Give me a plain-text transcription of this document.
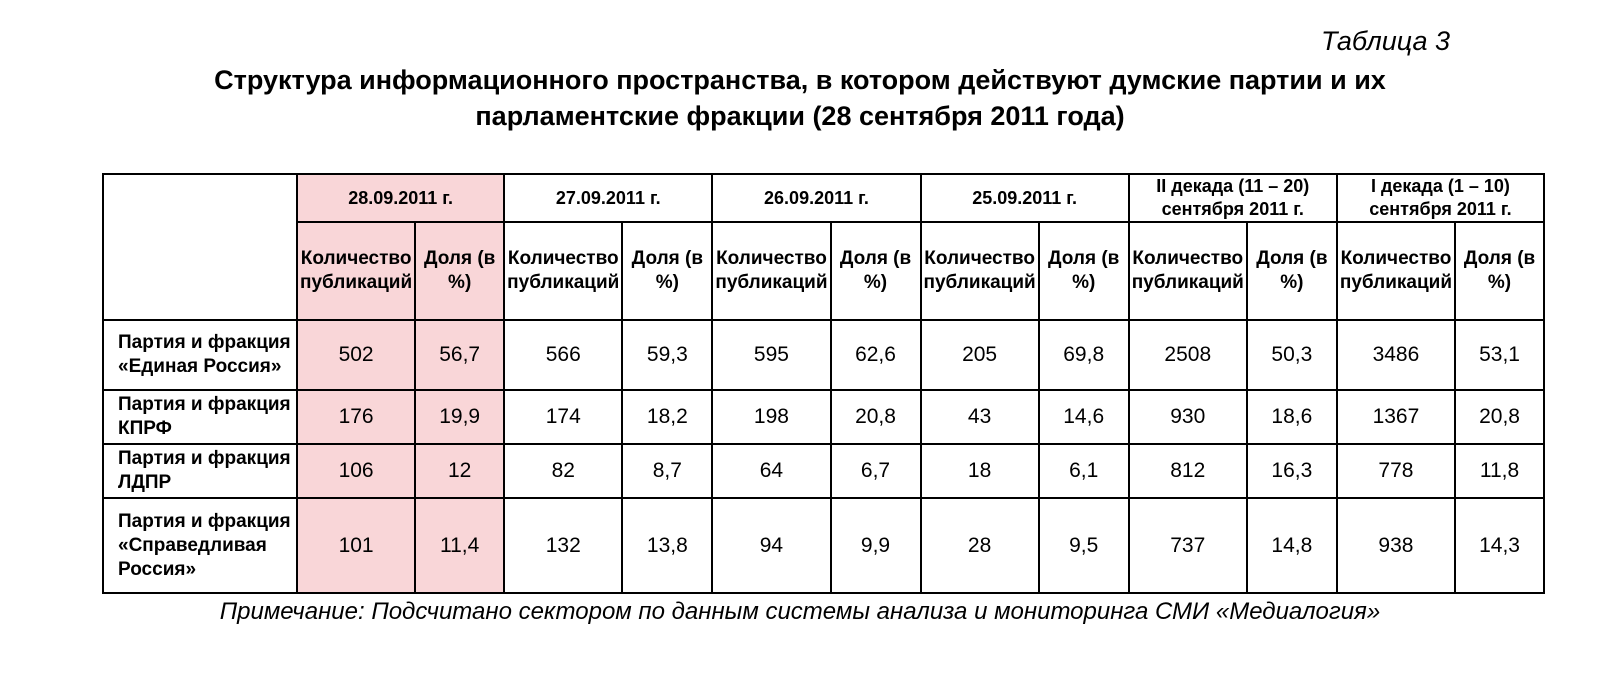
Таблица 3
Структура информационного пространства, в котором действуют думские партии и их
парламентские фракции (28 сентября 2011 года)
	28.09.2011 г.		27.09.2011 г.		26.09.2011 г.		25.09.2011 г.		II декада (11 – 20) сентября 2011 г.		I декада (1 – 10) сентября 2011 г.	
	Количество публикаций	Доля (в %)	Количество публикаций	Доля (в %)	Количество публикаций	Доля (в %)	Количество публикаций	Доля (в %)	Количество публикаций	Доля (в %)	Количество публикаций	Доля (в %)
Партия и фракция «Единая Россия»	502	56,7	566	59,3	595	62,6	205	69,8	2508	50,3	3486	53,1
Партия и фракция КПРФ	176	19,9	174	18,2	198	20,8	43	14,6	930	18,6	1367	20,8
Партия и фракция ЛДПР	106	12	82	8,7	64	6,7	18	6,1	812	16,3	778	11,8
Партия и фракция «Справедливая Россия»	101	11,4	132	13,8	94	9,9	28	9,5	737	14,8	938	14,3
Примечание: Подсчитано сектором по данным системы анализа и мониторинга СМИ «Медиалогия»
